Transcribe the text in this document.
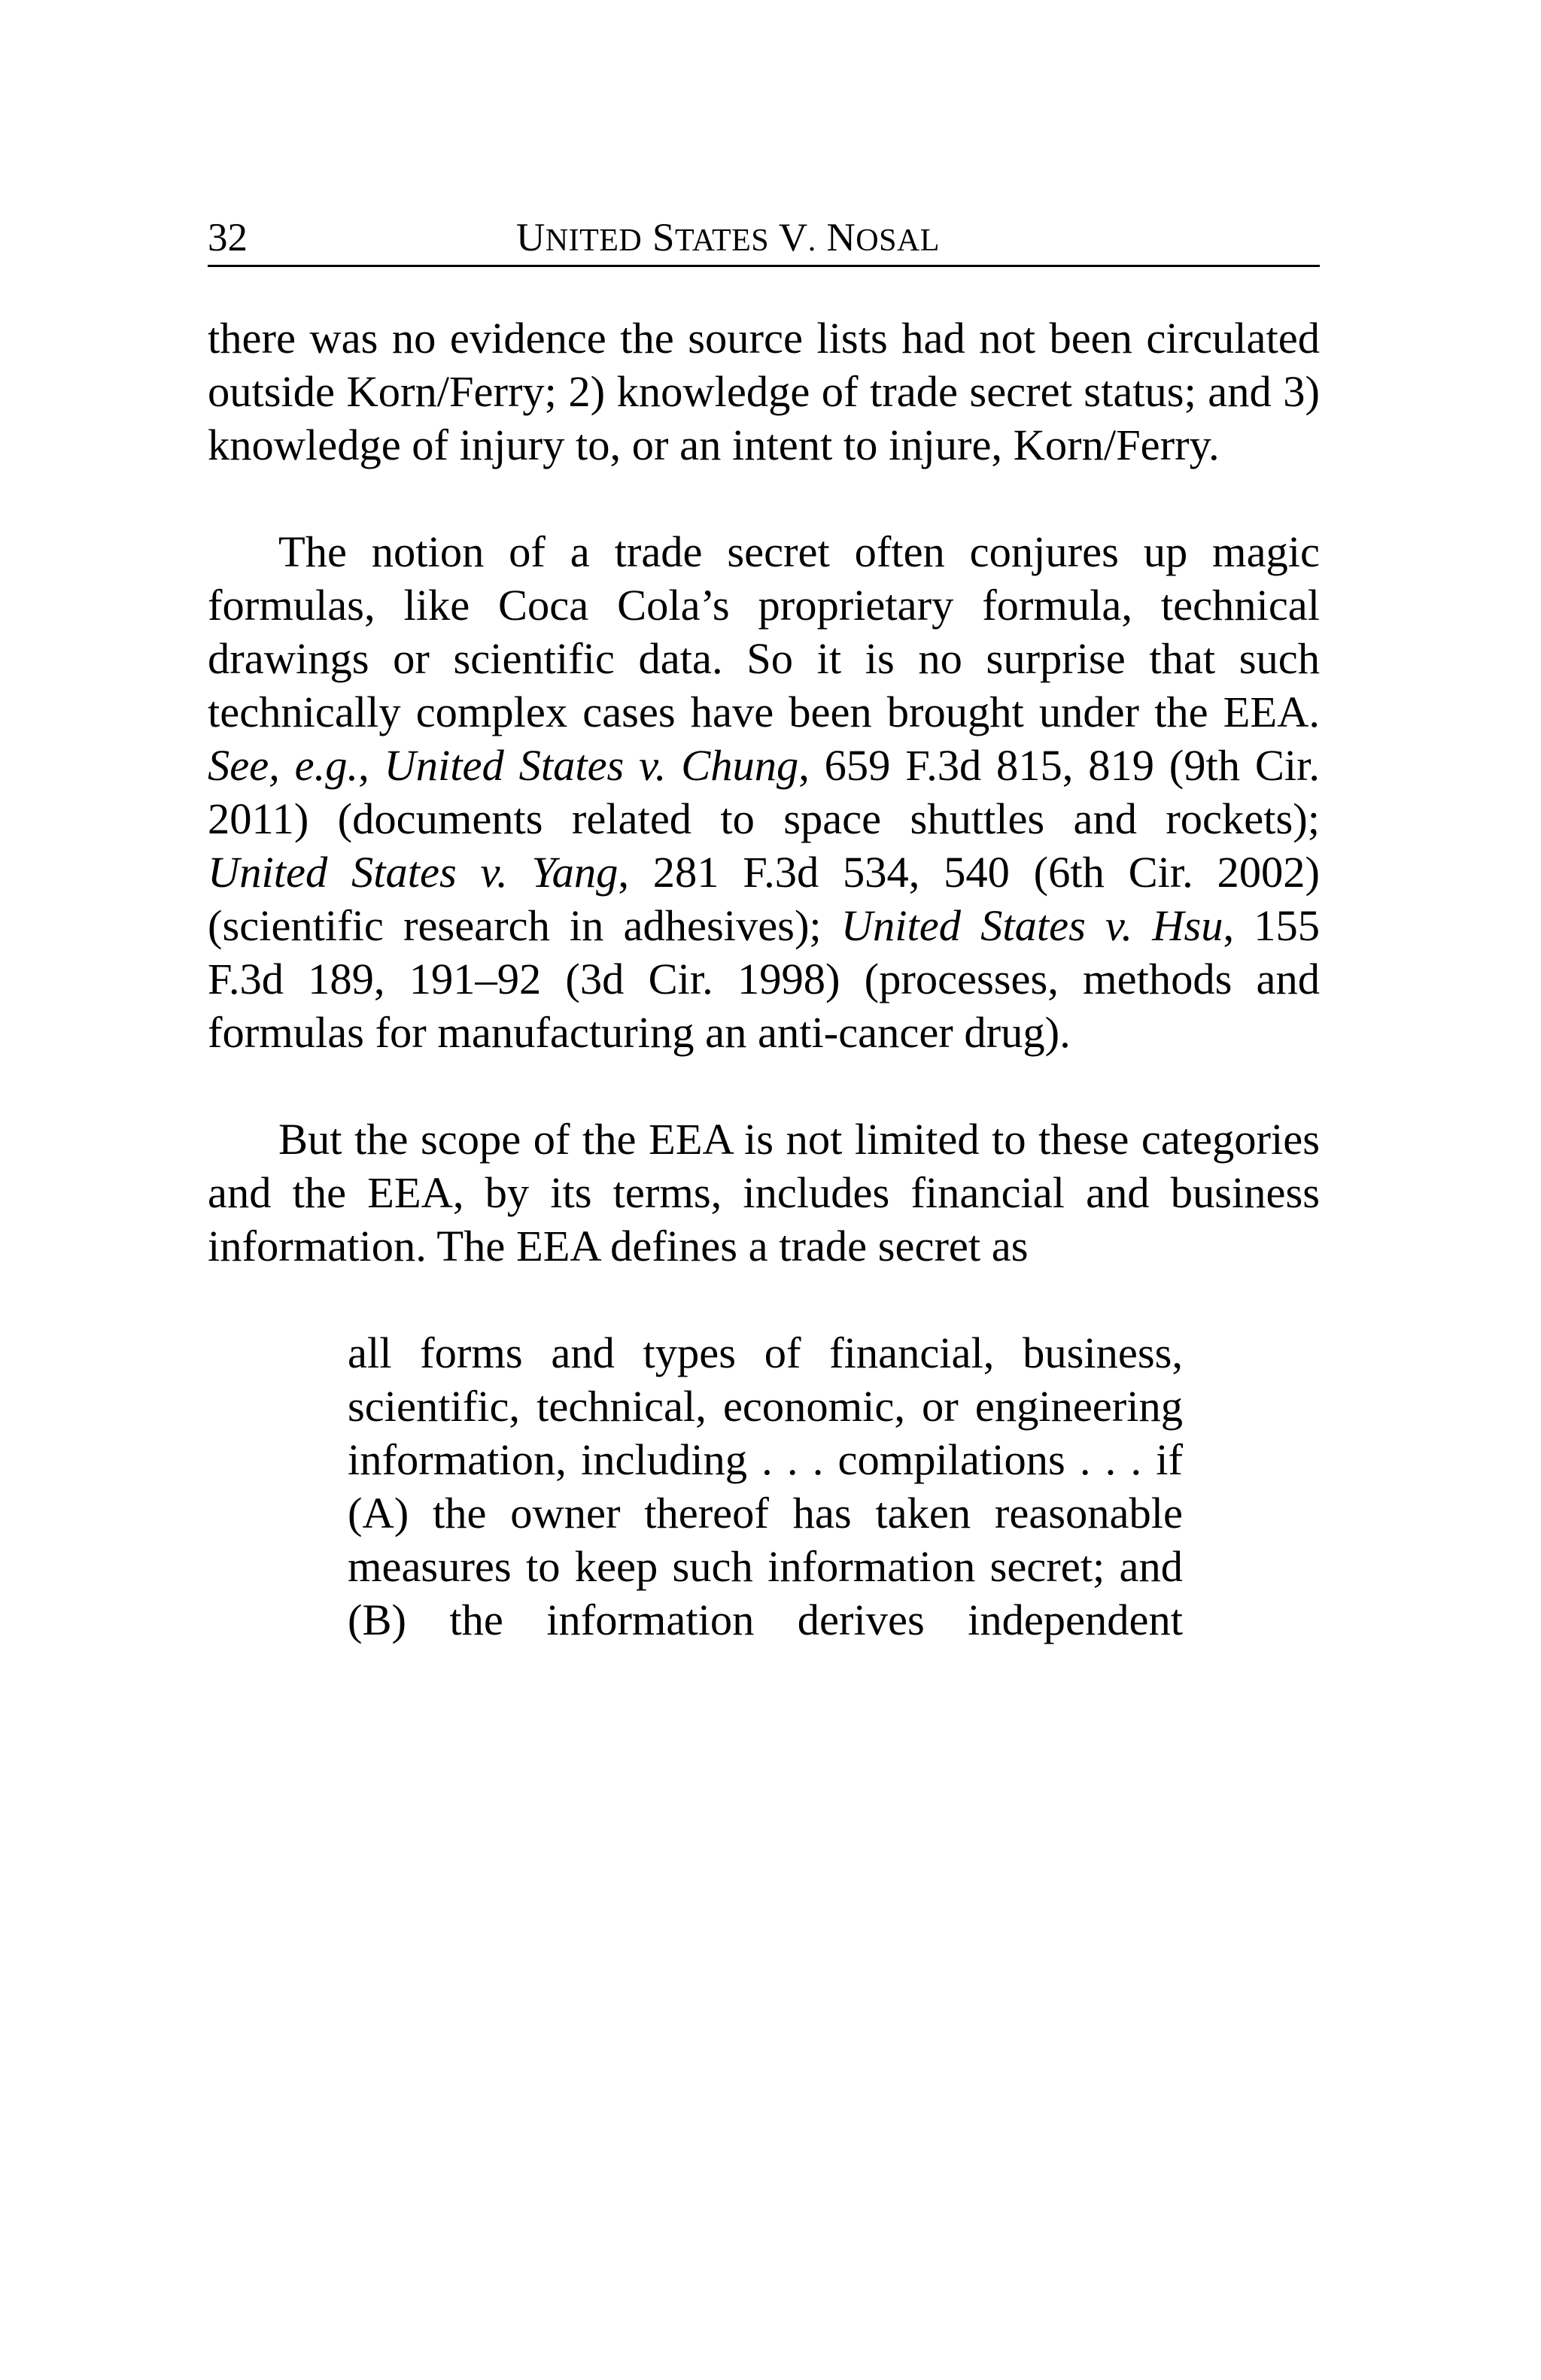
32	UNITED STATES V. NOSAL

there was no evidence the source lists had not been circulated outside Korn/Ferry; 2) knowledge of trade secret status; and 3) knowledge of injury to, or an intent to injure, Korn/Ferry.

The notion of a trade secret often conjures up magic formulas, like Coca Cola’s proprietary formula, technical drawings or scientific data. So it is no surprise that such technically complex cases have been brought under the EEA. See, e.g., United States v. Chung, 659 F.3d 815, 819 (9th Cir. 2011) (documents related to space shuttles and rockets); United States v. Yang, 281 F.3d 534, 540 (6th Cir. 2002) (scientific research in adhesives); United States v. Hsu, 155 F.3d 189, 191–92 (3d Cir. 1998) (processes, methods and formulas for manufacturing an anti-cancer drug).

But the scope of the EEA is not limited to these categories and the EEA, by its terms, includes financial and business information. The EEA defines a trade secret as

all forms and types of financial, business,
scientific, technical, economic, or engineering
information, including . . . compilations . . . if
(A) the owner thereof has taken reasonable
measures to keep such information secret; and
(B) the information derives independent
